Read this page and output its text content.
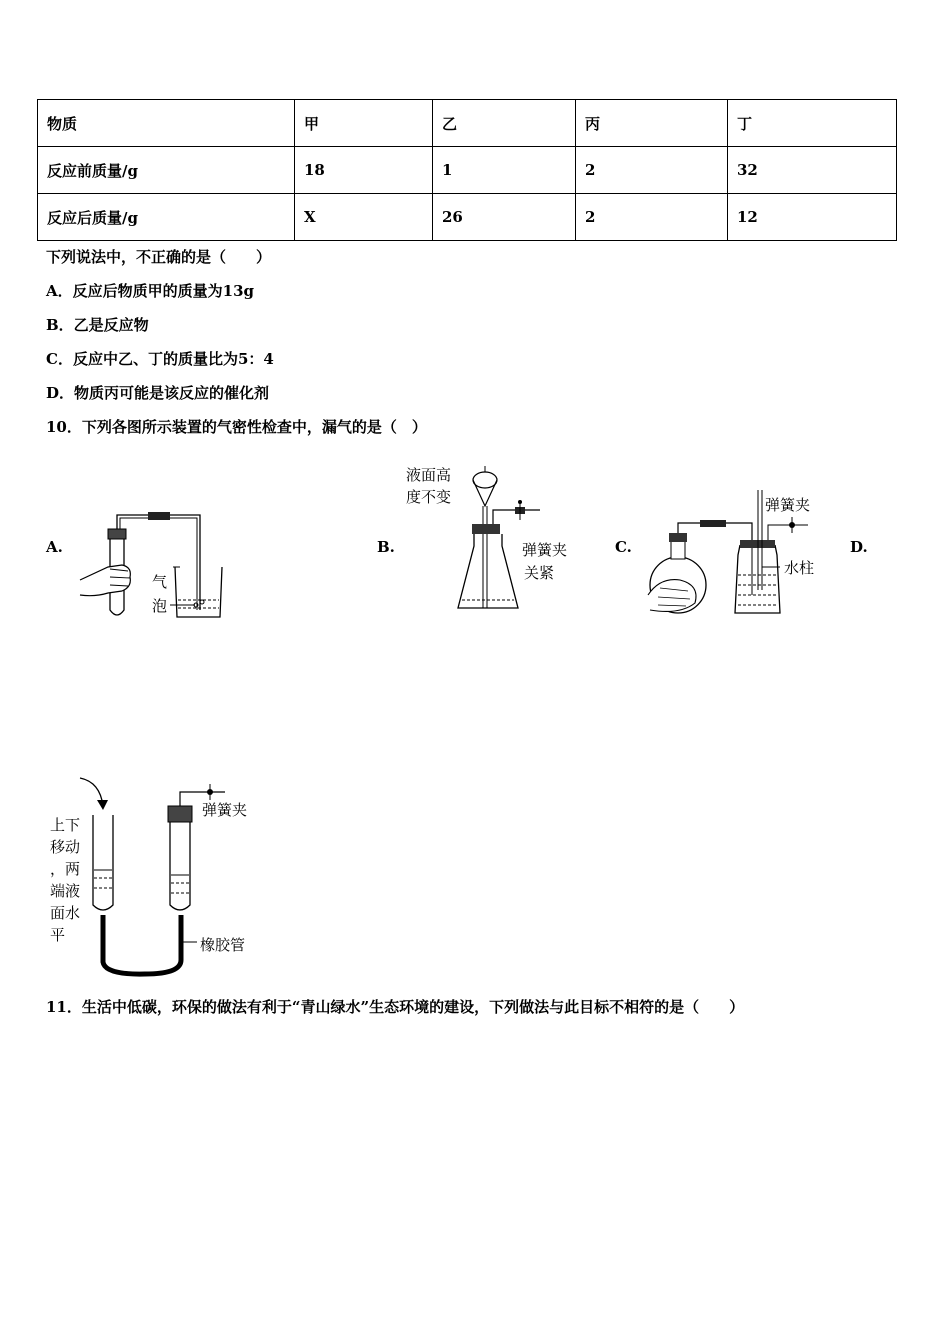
物质	甲	乙	丙	丁
反应前质量/g	18	1	2	32
反应后质量/g	X	26	2	12
下列说法中，不正确的是（　　）
A．反应后物质甲的质量为13g
B．乙是反应物
C．反应中乙、丁的质量比为5：4
D．物质丙可能是该反应的催化剂
10．下列各图所示装置的气密性检查中，漏气的是（　）
A.	B.	C.	D.
气
泡
液面高
度不变
弹簧夹
关紧
弹簧夹
水柱
上下
移动
，两
端液
面水
平
弹簧夹
橡胶管
11．生活中低碳，环保的做法有利于“青山绿水”生态环境的建设，下列做法与此目标不相符的是（　　）
